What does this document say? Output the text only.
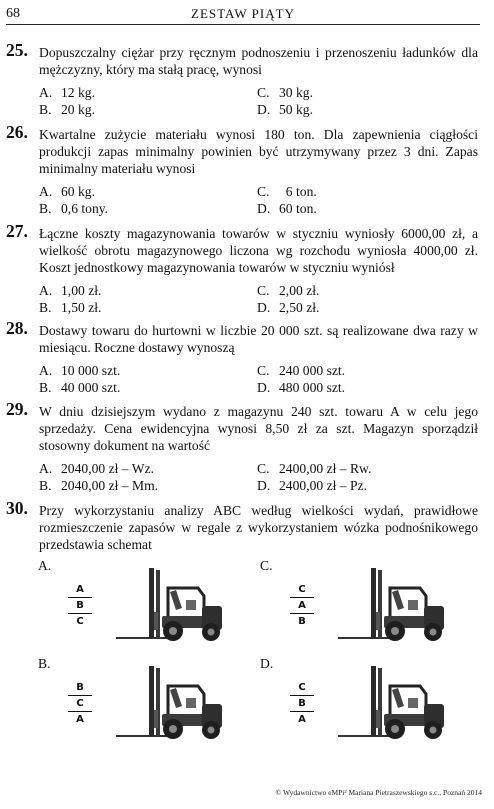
68	ZESTAW PIĄTY
25. Dopuszczalny ciężar przy ręcznym podnoszeniu i przenoszeniu ładunków dla mężczyzny, który ma stałą pracę, wynosi
A. 12 kg.	C. 30 kg.
B. 20 kg.	D. 50 kg.
26. Kwartalne zużycie materiału wynosi 180 ton. Dla zapewnienia ciągłości produkcji zapas minimalny powinien być utrzymywany przez 3 dni. Zapas minimalny materiału wynosi
A. 60 kg.	C.  6 ton.
B. 0,6 tony.	D. 60 ton.
27. Łączne koszty magazynowania towarów w styczniu wyniosły 6000,00 zł, a wielkość obrotu magazynowego liczona wg rozchodu wyniosła 4000,00 zł. Koszt jednostkowy magazynowania towarów w styczniu wyniósł
A. 1,00 zł.	C. 2,00 zł.
B. 1,50 zł.	D. 2,50 zł.
28. Dostawy towaru do hurtowni w liczbie 20 000 szt. są realizowane dwa razy w miesiącu. Roczne dostawy wynoszą
A. 10 000 szt.	C. 240 000 szt.
B. 40 000 szt.	D. 480 000 szt.
29. W dniu dzisiejszym wydano z magazynu 240 szt. towaru A w celu jego sprzedaży. Cena ewidencyjna wynosi 8,50 zł za szt. Magazyn sporządził stosowny dokument na wartość
A. 2040,00 zł – Wz.	C. 2400,00 zł – Rw.
B. 2040,00 zł – Mm.	D. 2400,00 zł – Pz.
30. Przy wykorzystaniu analizy ABC według wielkości wydań, prawidłowe rozmieszczenie zapasów w regale z wykorzystaniem wózka podnośnikowego przedstawia schemat
A.
A
B
C
C.
C
A
B
B.
B
C
A
D.
C
B
A
© Wydawnictwo eMPi² Mariana Pietraszewskiego s.c., Poznań 2014
